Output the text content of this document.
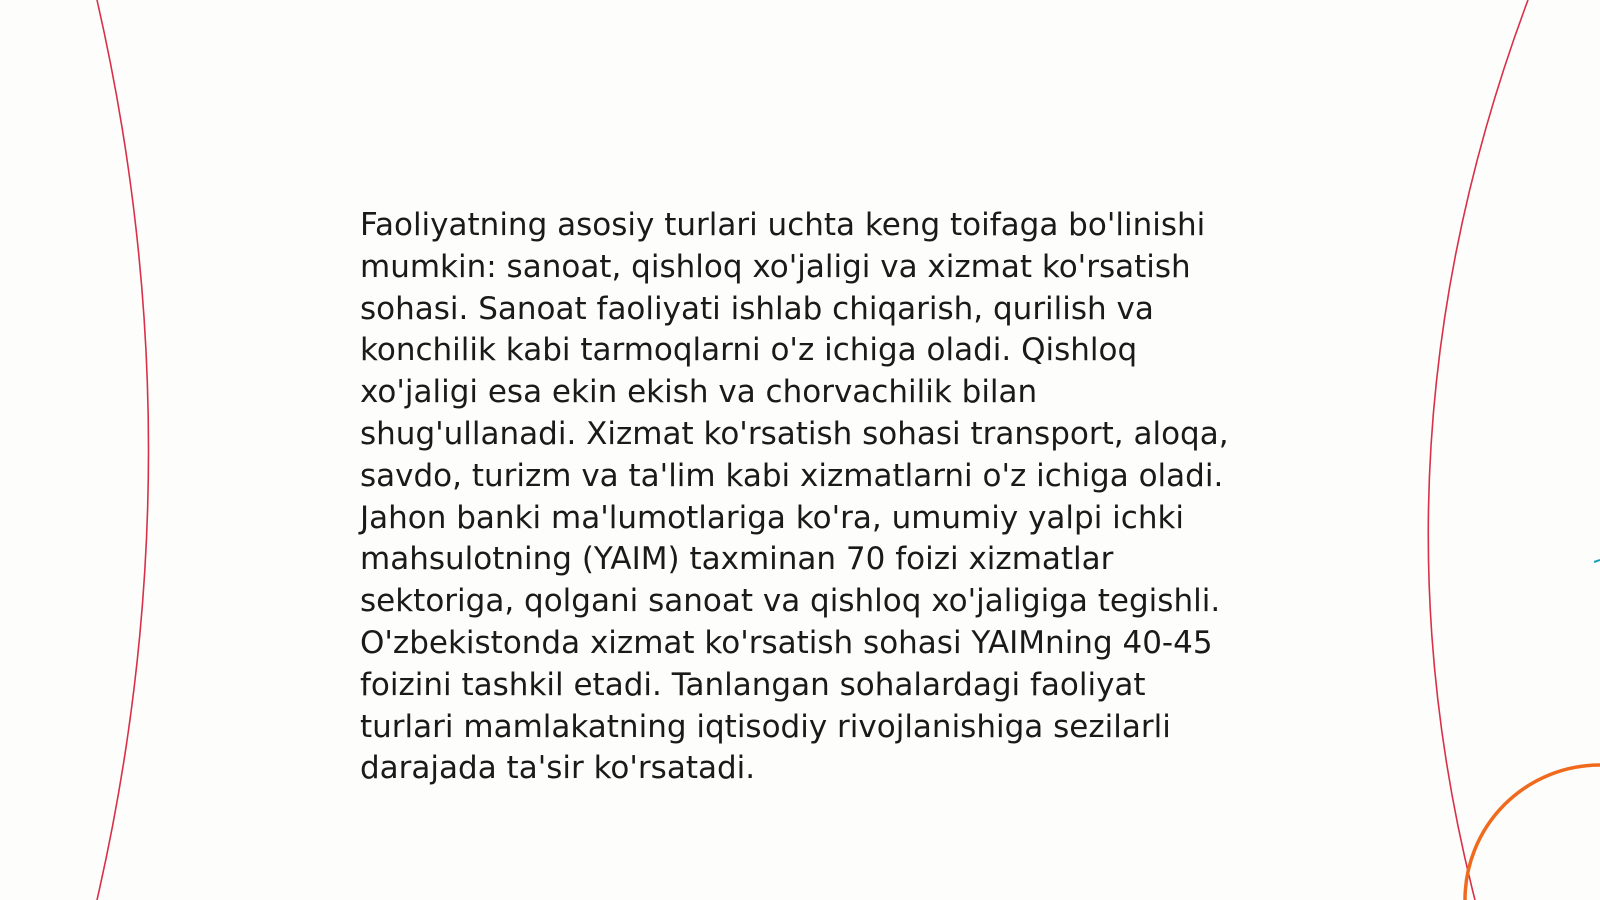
Faoliyatning asosiy turlari uchta keng toifaga bo'linishi mumkin: sanoat, qishloq xo'jaligi va xizmat ko'rsatish sohasi. Sanoat faoliyati ishlab chiqarish, qurilish va konchilik kabi tarmoqlarni o'z ichiga oladi. Qishloq xo'jaligi esa ekin ekish va chorvachilik bilan shug'ullanadi. Xizmat ko'rsatish sohasi transport, aloqa, savdo, turizm va ta'lim kabi xizmatlarni o'z ichiga oladi. Jahon banki ma'lumotlariga ko'ra, umumiy yalpi ichki mahsulotning (YAIM) taxminan 70 foizi xizmatlar sektoriga, qolgani sanoat va qishloq xo'jaligiga tegishli. O'zbekistonda xizmat ko'rsatish sohasi YAIMning 40-45 foizini tashkil etadi. Tanlangan sohalardagi faoliyat turlari mamlakatning iqtisodiy rivojlanishiga sezilarli darajada ta'sir ko'rsatadi.
